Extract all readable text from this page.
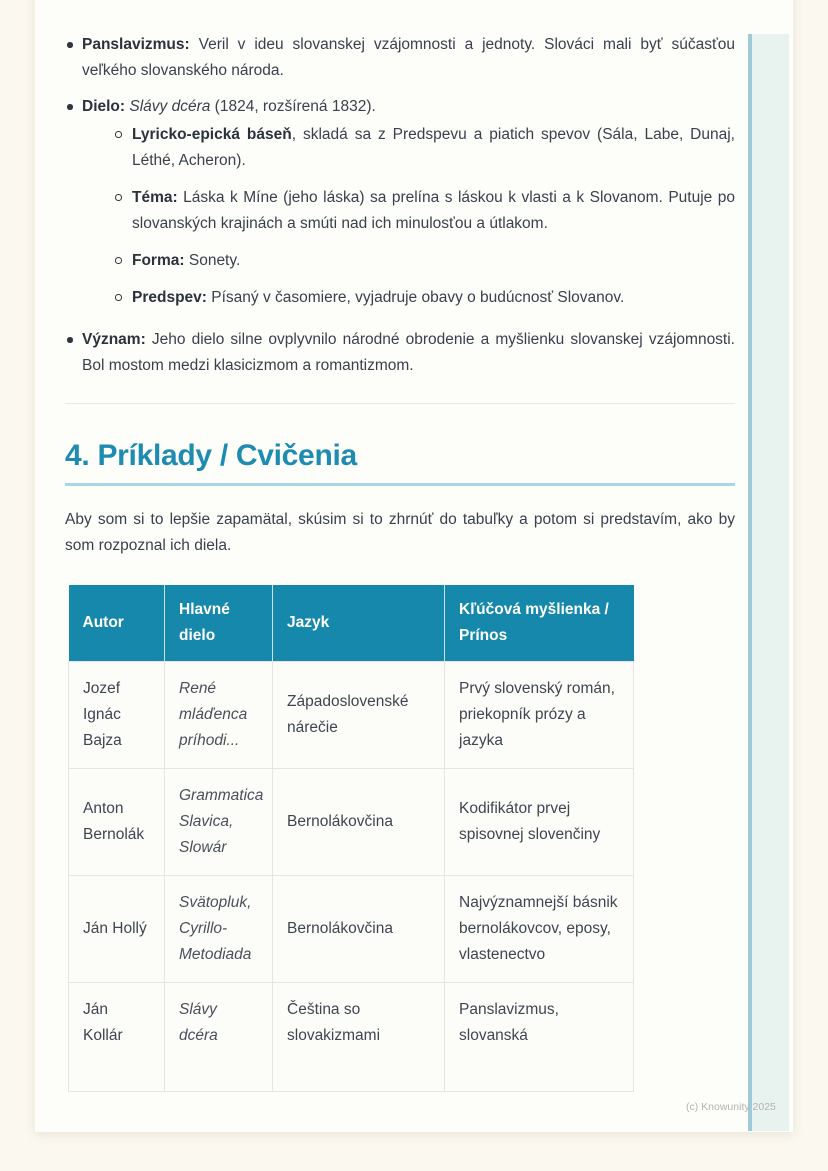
Panslavizmus: Veril v ideu slovanskej vzájomnosti a jednoty. Slováci mali byť súčasťou veľkého slovanského národa.
Dielo: Slávy dcéra (1824, rozšírená 1832).
Lyricko-epická báseň, skladá sa z Predspevu a piatich spevov (Sála, Labe, Dunaj, Léthé, Acheron).
Téma: Láska k Míne (jeho láska) sa prelína s láskou k vlasti a k Slovanom. Putuje po slovanských krajinách a smúti nad ich minulosťou a útlakom.
Forma: Sonety.
Predspev: Písaný v časomiere, vyjadruje obavy o budúcnosť Slovanov.
Význam: Jeho dielo silne ovplyvnilo národné obrodenie a myšlienku slovanskej vzájomnosti. Bol mostom medzi klasicizmom a romantizmom.
4. Príklady / Cvičenia

Aby som si to lepšie zapamätal, skúsim si to zhrnúť do tabuľky a potom si predstavím, ako by som rozpoznal ich diela.

Autor	Hlavné dielo	Jazyk	Kľúčová myšlienka / Prínos
Jozef Ignác Bajza	René mláďenca príhodi...	Západoslovenské nárečie	Prvý slovenský román, priekopník prózy a jazyka
Anton Bernolák	Grammatica Slavica, Slowár	Bernolákovčina	Kodifikátor prvej spisovnej slovenčiny
Ján Hollý	Svätopluk, Cyrillo-Metodiada	Bernolákovčina	Najvýznamnejší básnik bernolákovcov, eposy, vlastenectvo
Ján Kollár	Slávy dcéra	Čeština so slovakizmami	Panslavizmus, slovanská
(c) Knowunity 2025
